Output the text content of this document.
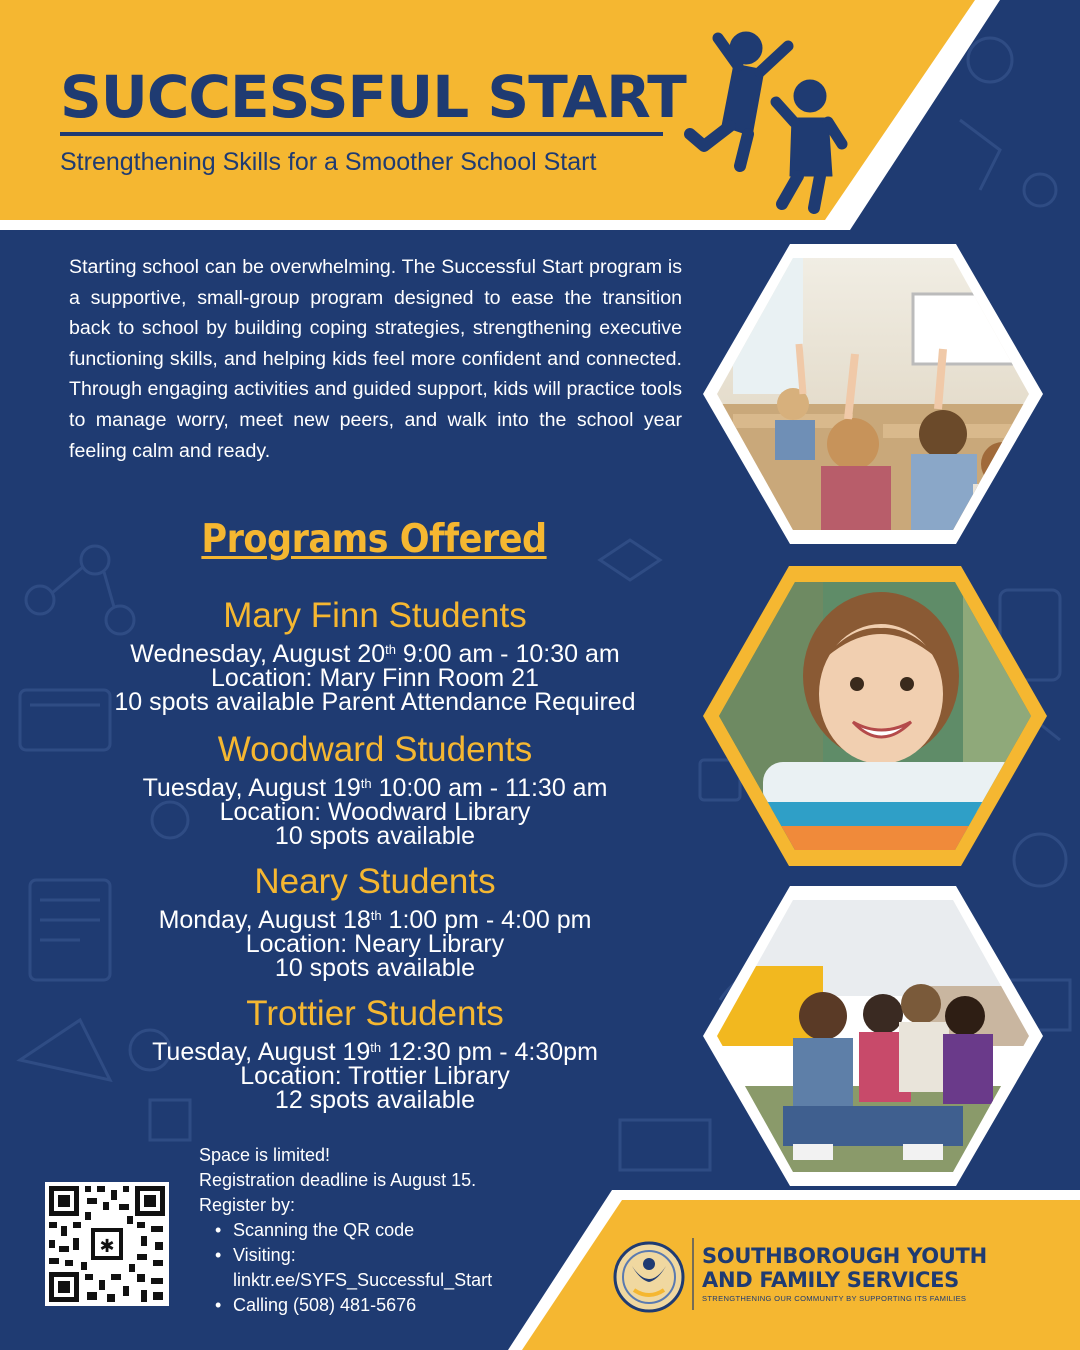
SUCCESSFUL START

Strengthening Skills for a Smoother School Start

Starting school can be overwhelming. The Successful Start program is a supportive, small-group program designed to ease the transition back to school by building coping strategies, strengthening executive functioning skills, and helping kids feel more confident and connected. Through engaging activities and guided support, kids will practice tools to manage worry, meet new peers, and walk into the school year feeling calm and ready.

Programs Offered
Mary Finn Students
Wednesday, August 20th 9:00 am - 10:30 am
Location: Mary Finn Room 21
10 spots available Parent Attendance Required
Woodward Students
Tuesday, August 19th 10:00 am - 11:30 am
Location: Woodward Library
10 spots available
Neary Students
Monday, August 18th 1:00 pm - 4:00 pm
Location: Neary Library
10 spots available
Trottier Students
Tuesday, August 19th 12:30 pm - 4:30pm
Location: Trottier Library
12 spots available
Space is limited!
Registration deadline is August 15.
Register by:
• Scanning the QR code
• Visiting:
linktr.ee/SYFS_Successful_Start
• Calling (508) 481-5676
✱	SOUTHBOROUGH YOUTH
AND FAMILY SERVICES

STRENGTHENING OUR COMMUNITY BY SUPPORTING ITS FAMILIES
